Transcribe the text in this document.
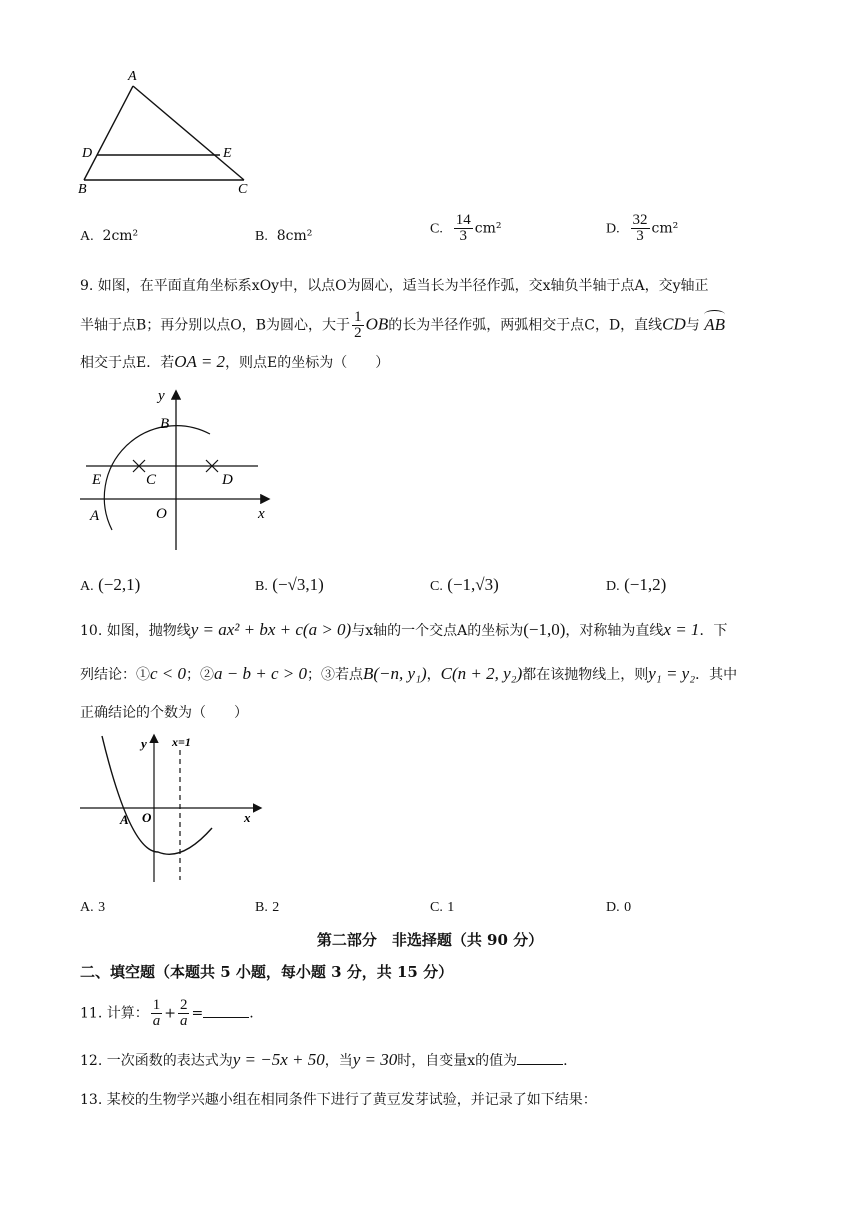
A
D	E
B	C
A. 2cm²	B. 8cm²	C. $\frac{14}{3} cm^2$	D. $\frac{32}{3} cm^2$
9. 如图，在平面直角坐标系xOy中，以点O为圆心，适当长为半径作弧，交x轴负半轴于点A，交y轴正
半轴于点B；再分别以点O，B为圆心，大于 $\frac{1}{2}$ OB的长为半径作弧，两弧相交于点C，D，直线CD与 AB
相交于点E．若OA = 2，则点E的坐标为（　　）
y
B
E	C	D
A	O	x
A. (−2,1)	B. (−√3,1)	C. (−1,√3)	D. (−1,2)
10. 如图，抛物线y = ax² + bx + c(a > 0)与x轴的一个交点A的坐标为(−1,0)，对称轴为直线x = 1．下
列结论：①c < 0；②a − b + c > 0；③若点B(−n, y₁)，C(n + 2, y₂)都在该抛物线上，则y₁ = y₂．其中
正确结论的个数为（　　）
y x=1
A O	x
A. 3	B. 2	C. 1	D. 0
第二部分　非选择题（共 90 分）
二、填空题（本题共 5 小题，每小题 3 分，共 15 分）
11. 计算： $\frac{1}{a} + \frac{2}{a}$ =	.
12. 一次函数的表达式为y = −5x + 50，当y = 30时，自变量x的值为	.
13. 某校的生物学兴趣小组在相同条件下进行了黄豆发芽试验，并记录了如下结果：
